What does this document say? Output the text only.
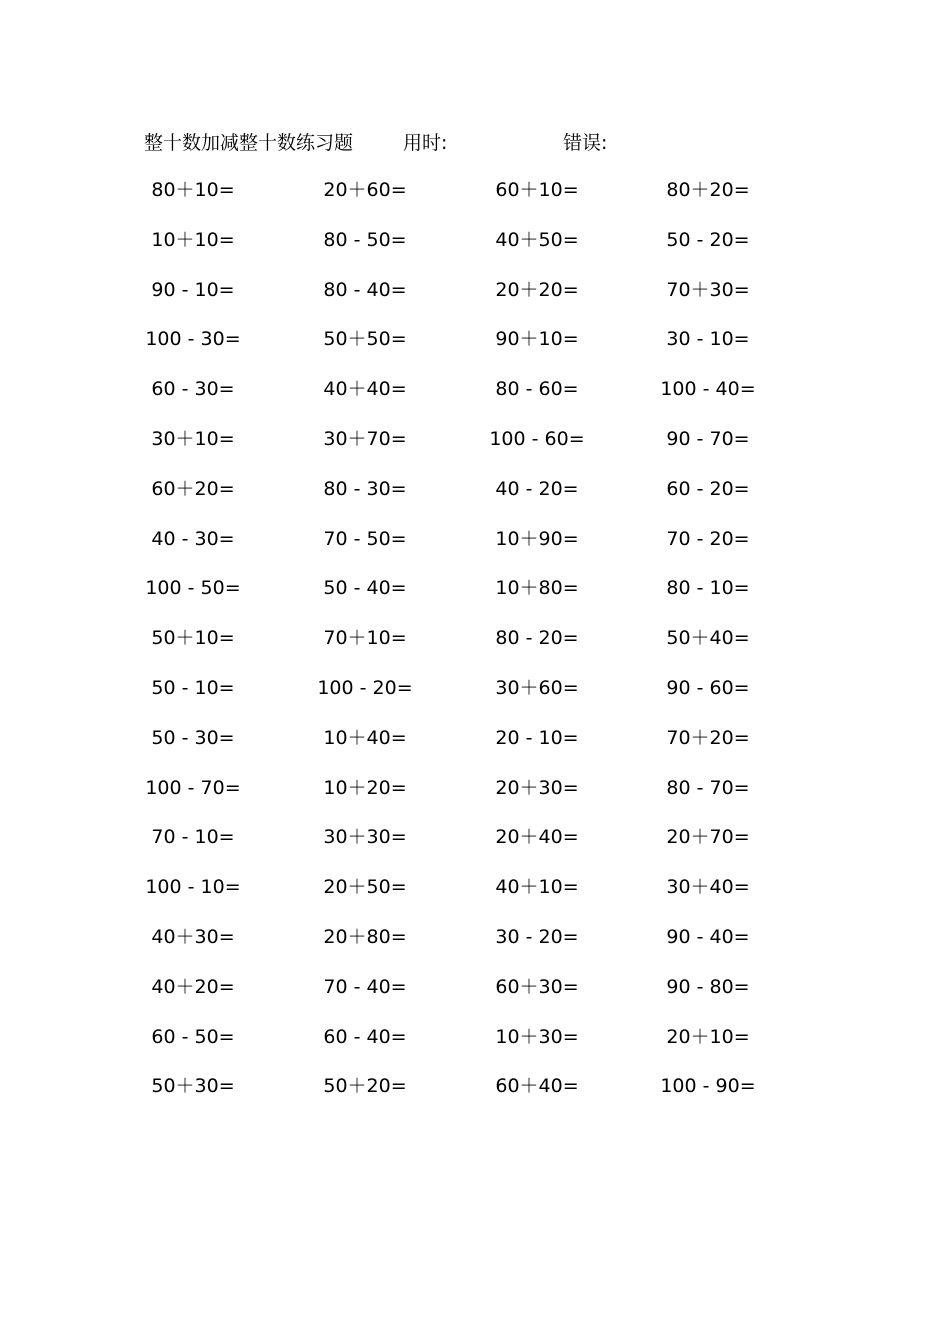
整十数加减整十数练习题	用时:	错误:
80＋10=	20＋60=	60＋10=	80＋20=
10＋10=	80 - 50=	40＋50=	50 - 20=
90 - 10=	80 - 40=	20＋20=	70＋30=
100 - 30=	50＋50=	90＋10=	30 - 10=
60 - 30=	40＋40=	80 - 60=	100 - 40=
30＋10=	30＋70=	100 - 60=	90 - 70=
60＋20=	80 - 30=	40 - 20=	60 - 20=
40 - 30=	70 - 50=	10＋90=	70 - 20=
100 - 50=	50 - 40=	10＋80=	80 - 10=
50＋10=	70＋10=	80 - 20=	50＋40=
50 - 10=	100 - 20=	30＋60=	90 - 60=
50 - 30=	10＋40=	20 - 10=	70＋20=
100 - 70=	10＋20=	20＋30=	80 - 70=
70 - 10=	30＋30=	20＋40=	20＋70=
100 - 10=	20＋50=	40＋10=	30＋40=
40＋30=	20＋80=	30 - 20=	90 - 40=
40＋20=	70 - 40=	60＋30=	90 - 80=
60 - 50=	60 - 40=	10＋30=	20＋10=
50＋30=	50＋20=	60＋40=	100 - 90=
